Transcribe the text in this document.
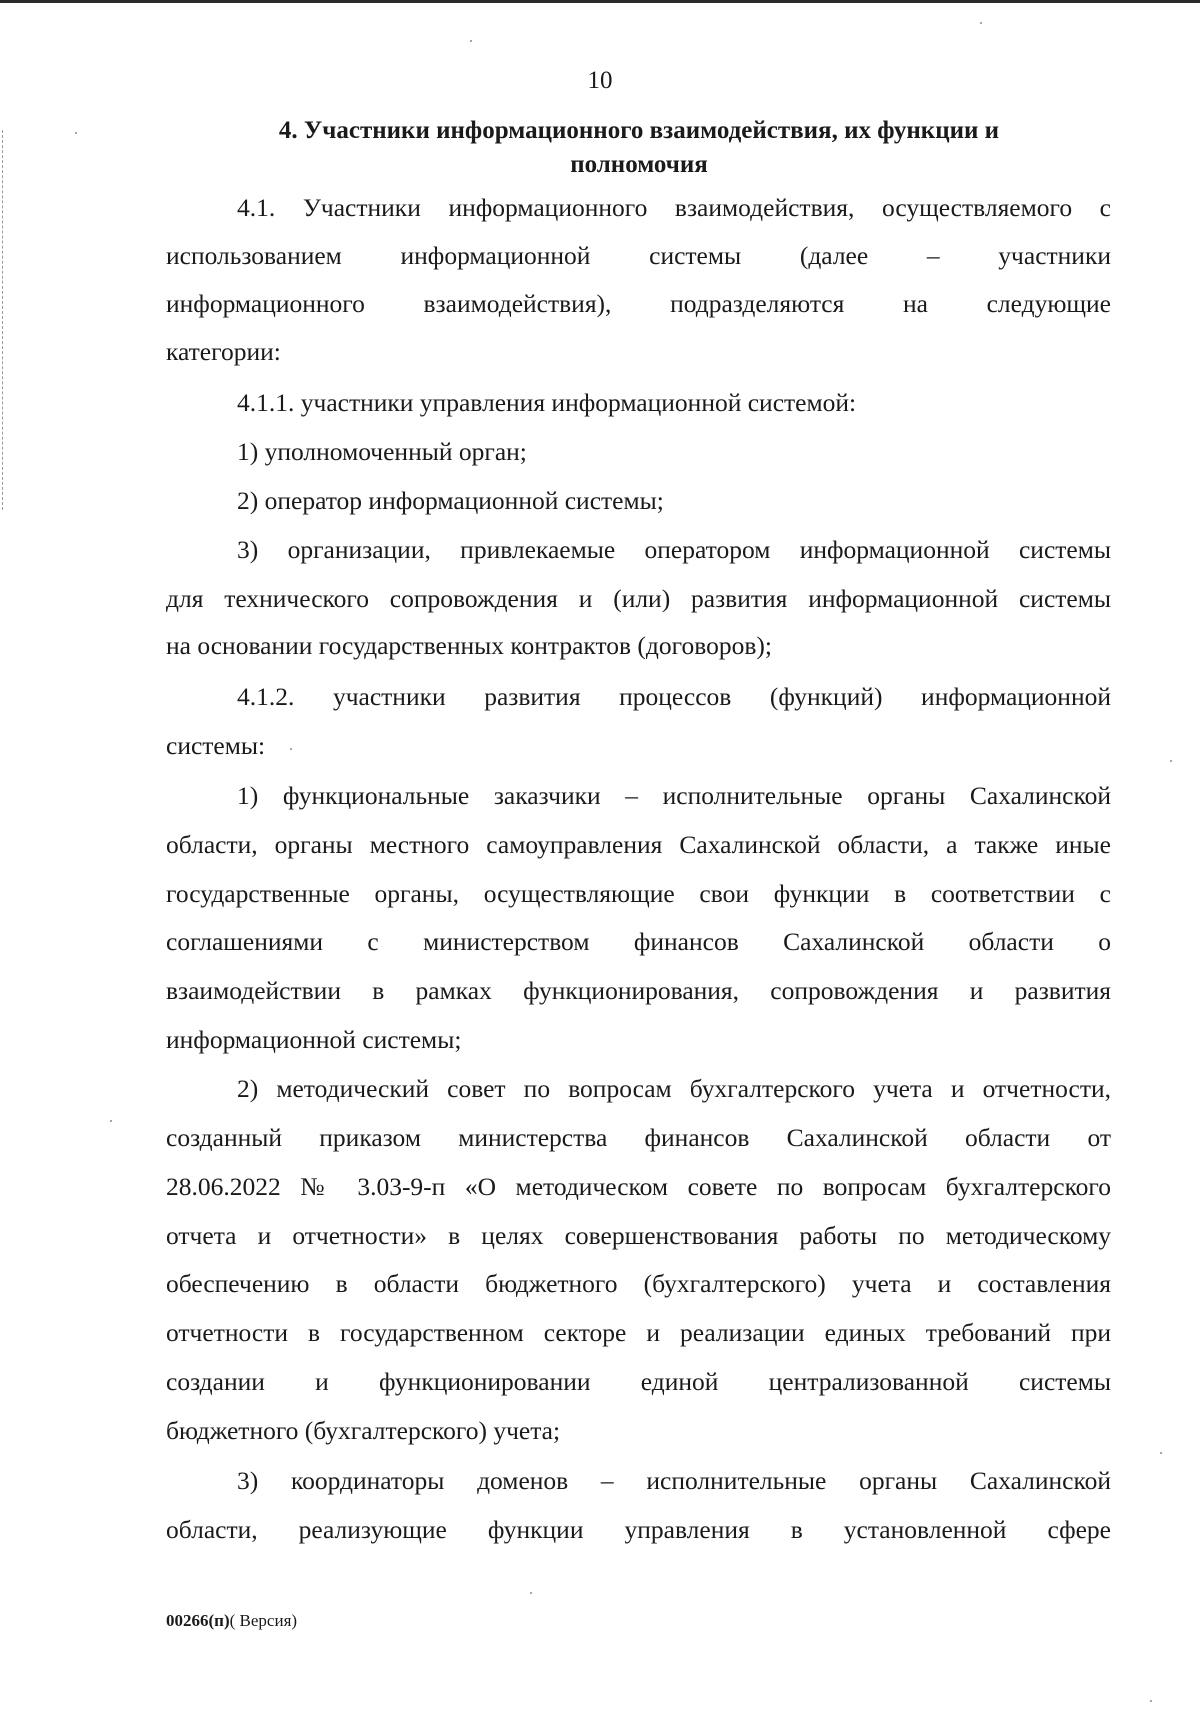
10
4. Участники информационного взаимодействия, их функции и
полномочия
4.1. Участники информационного взаимодействия, осуществляемого с
использованием информационной системы (далее – участники
информационного взаимодействия), подразделяются на следующие
категории:
4.1.1. участники управления информационной системой:
1) уполномоченный орган;
2) оператор информационной системы;
3) организации, привлекаемые оператором информационной системы
для технического сопровождения и (или) развития информационной системы
на основании государственных контрактов (договоров);
4.1.2. участники развития процессов (функций) информационной
системы:
1) функциональные заказчики – исполнительные органы Сахалинской
области, органы местного самоуправления Сахалинской области, а также иные
государственные органы, осуществляющие свои функции в соответствии с
соглашениями с министерством финансов Сахалинской области о
взаимодействии в рамках функционирования, сопровождения и развития
информационной системы;
2) методический совет по вопросам бухгалтерского учета и отчетности,
созданный приказом министерства финансов Сахалинской области от
28.06.2022 № 3.03-9-п «О методическом совете по вопросам бухгалтерского
отчета и отчетности» в целях совершенствования работы по методическому
обеспечению в области бюджетного (бухгалтерского) учета и составления
отчетности в государственном секторе и реализации единых требований при
создании и функционировании единой централизованной системы
бюджетного (бухгалтерского) учета;
3) координаторы доменов – исполнительные органы Сахалинской
области, реализующие функции управления в установленной сфере
00266(п)( Версия)
